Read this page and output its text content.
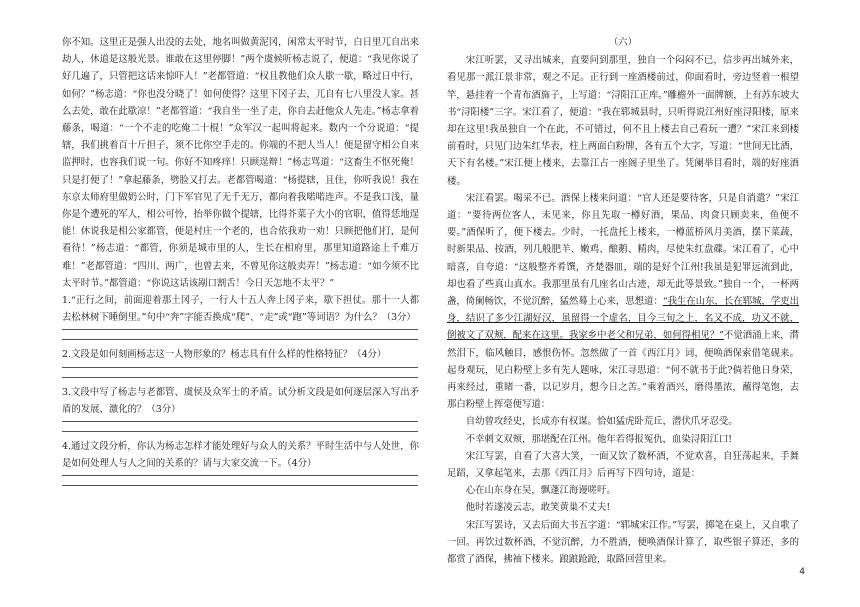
你不知。这里正是强人出没的去处，地名叫做黄泥冈，闲常太平时节，白日里兀自出来劫人，休道是这般光景。谁敢在这里停脚！”两个虞候听杨志说了，便道：“我见你说了好几遍了，只管把这话来惊吓人！”老都管道：“权且教他们众人歇一歇，略过日中行，如何？”杨志道：“你也没分晓了！如何使得？这里下冈子去，兀自有七八里没人家。甚么去处，敢在此歇凉！”老都管道：“我自坐一坐了走，你自去赶他众人先走。”杨志拿着藤条，喝道：“一个不走的吃俺二十棍！”众军汉一起叫将起来。数内一个分说道：“提辖，我们挑着百十斤担子，须不比你空手走的。你端的不把人当人！便是留守相公自来监押时，也容我们说一句。你好不知疼痒！只顾逞辩！”杨志骂道：“这畜生不怄死俺！只是打便了！”拿起藤条，劈脸又打去。老都管喝道：“杨提辖，且住，你听我说！我在东京太师府里做奶公时，门下军官见了无千无万，都向着我喏喏连声。不是我口浅，量你是个遭死的军人，相公可怜，抬举你做个提辖，比得芥菜子大小的官职，值得恁地逞能！休说我是相公家都管，便是村庄一个老的，也合依我劝一劝！只顾把他们打，是何看待！”杨志道：“都管，你须是城市里的人，生长在相府里，那里知道路途上千难万难！”老都管道：“四川、两广，也曾去来，不曾见你这般卖弄！”杨志道：“如今须不比太平时节。”都管道：“你说这话该剐口割舌！今日天怎地不太平？”

1.“正行之间，前面迎着那土冈子，一行人十五人奔上冈子来，歇下担仗。那十一人都去松林树下睡倒里。”句中“奔”字能否换成“爬”、“走”或“跑”等词语？为什么？（3分）

2.文段是如何刻画杨志这一人物形象的？杨志具有什么样的性格特征？（4分）

3.文段中写了杨志与老都管、虞侯及众军士的矛盾。试分析文段是如何逐层深入写出矛盾的发展、激化的？（3分）

4.通过文段分析，你认为杨志怎样才能处理好与众人的关系？平时生活中与人处世，你是如何处理人与人之间的关系的？请与大家交流一下。（4分）

（六）

宋江听罢，又寻出城来，直要问到那里，独自一个闷闷不已，信步再出城外来，看见那一派江景非常，观之不足。正行到一座酒楼前过，仰面看时，旁边竖着一根望竿，悬挂着一个青布酒旆子，上写道：“浔阳江正库。”雕檐外一面牌额，上有苏东坡大书“浔阳楼”三字。宋江看了，便道：“我在郓城县时，只听得说江州好座浔阳楼，原来却在这里!我虽独自一个在此，不可错过，何不且上楼去自己看玩一遭？”宋江来到楼前看时，只见门边朱红华表，柱上两面白粉牌，各有五个大字，写道：“世间无比酒，天下有名楼。”宋江便上楼来，去靠江占一座阁子里坐了。凭阑举目看时，端的好座酒楼。

宋江看罢。喝采不已。酒保上楼来问道：“官人还是要待客，只是自消遣？”宋江道：“要待两位客人，未见来，你且先取一樽好酒，果品、肉食只顾卖来，鱼便不要。”酒保听了，便下楼去。少时，一托盘托上楼来，一樽蓝桥风月美酒，摆下菜蔬，时新果品、按酒，列几般肥羊、嫩鸡、酿鹅、精肉，尽使朱红盘碟。宋江看了，心中暗喜，自夸道：“这般整齐肴馔，齐楚器皿，端的是好个江州!我虽是犯罪远流到此，却也看了些真山真水。我那里虽有几座名山古迹，却无此等景致。”独自一个，一杯两盏，倚阑畅饮，不觉沉醉，猛然蓦上心来，思想道：“我生在山东，长在郓城，学吏出身，结识了多少江湖好汉，虽留得一个虚名，目今三旬之上，名又不成，功又不就，倒被文了双颊，配来在这里。我家乡中老父和兄弟，如何得相见？”不觉酒涌上来，潸然泪下，临风触目，感恨伤怀。忽然做了一首《西江月》词，便唤酒保索借笔砚来。起身观玩，见白粉壁上多有先人题咏，宋江寻思道：“何不就书于此?倘若他日身荣，再来经过，重睹一番，以记岁月，想今日之苦。”乘着酒兴，磨得墨浓，蘸得笔饱，去那白粉壁上挥毫便写道：

自幼曾攻经史，长成亦有权谋。恰如猛虎卧荒丘，潜伏爪牙忍受。

不幸刺文双颊，那堪配在江州。他年若得报冤仇，血染浔阳江口!

宋江写罢，自看了大喜大笑，一面又饮了数杯酒，不觉欢喜，自狂荡起来，手舞足蹈，又拿起笔来，去那《西江月》后再写下四句诗，道是：

心在山东身在吴，飘蓬江海谩嗟吁。

他时若遂凌云志，敢笑黄巢不丈夫!

宋江写罢诗，又去后面大书五字道：“郓城宋江作。”写罢，掷笔在桌上，又自歌了一回。再饮过数杯酒，不觉沉醉，力不胜酒，便唤酒保计算了，取些银子算还，多的都赏了酒保，拂袖下楼来。踉踉跄跄，取路回营里来。

4
